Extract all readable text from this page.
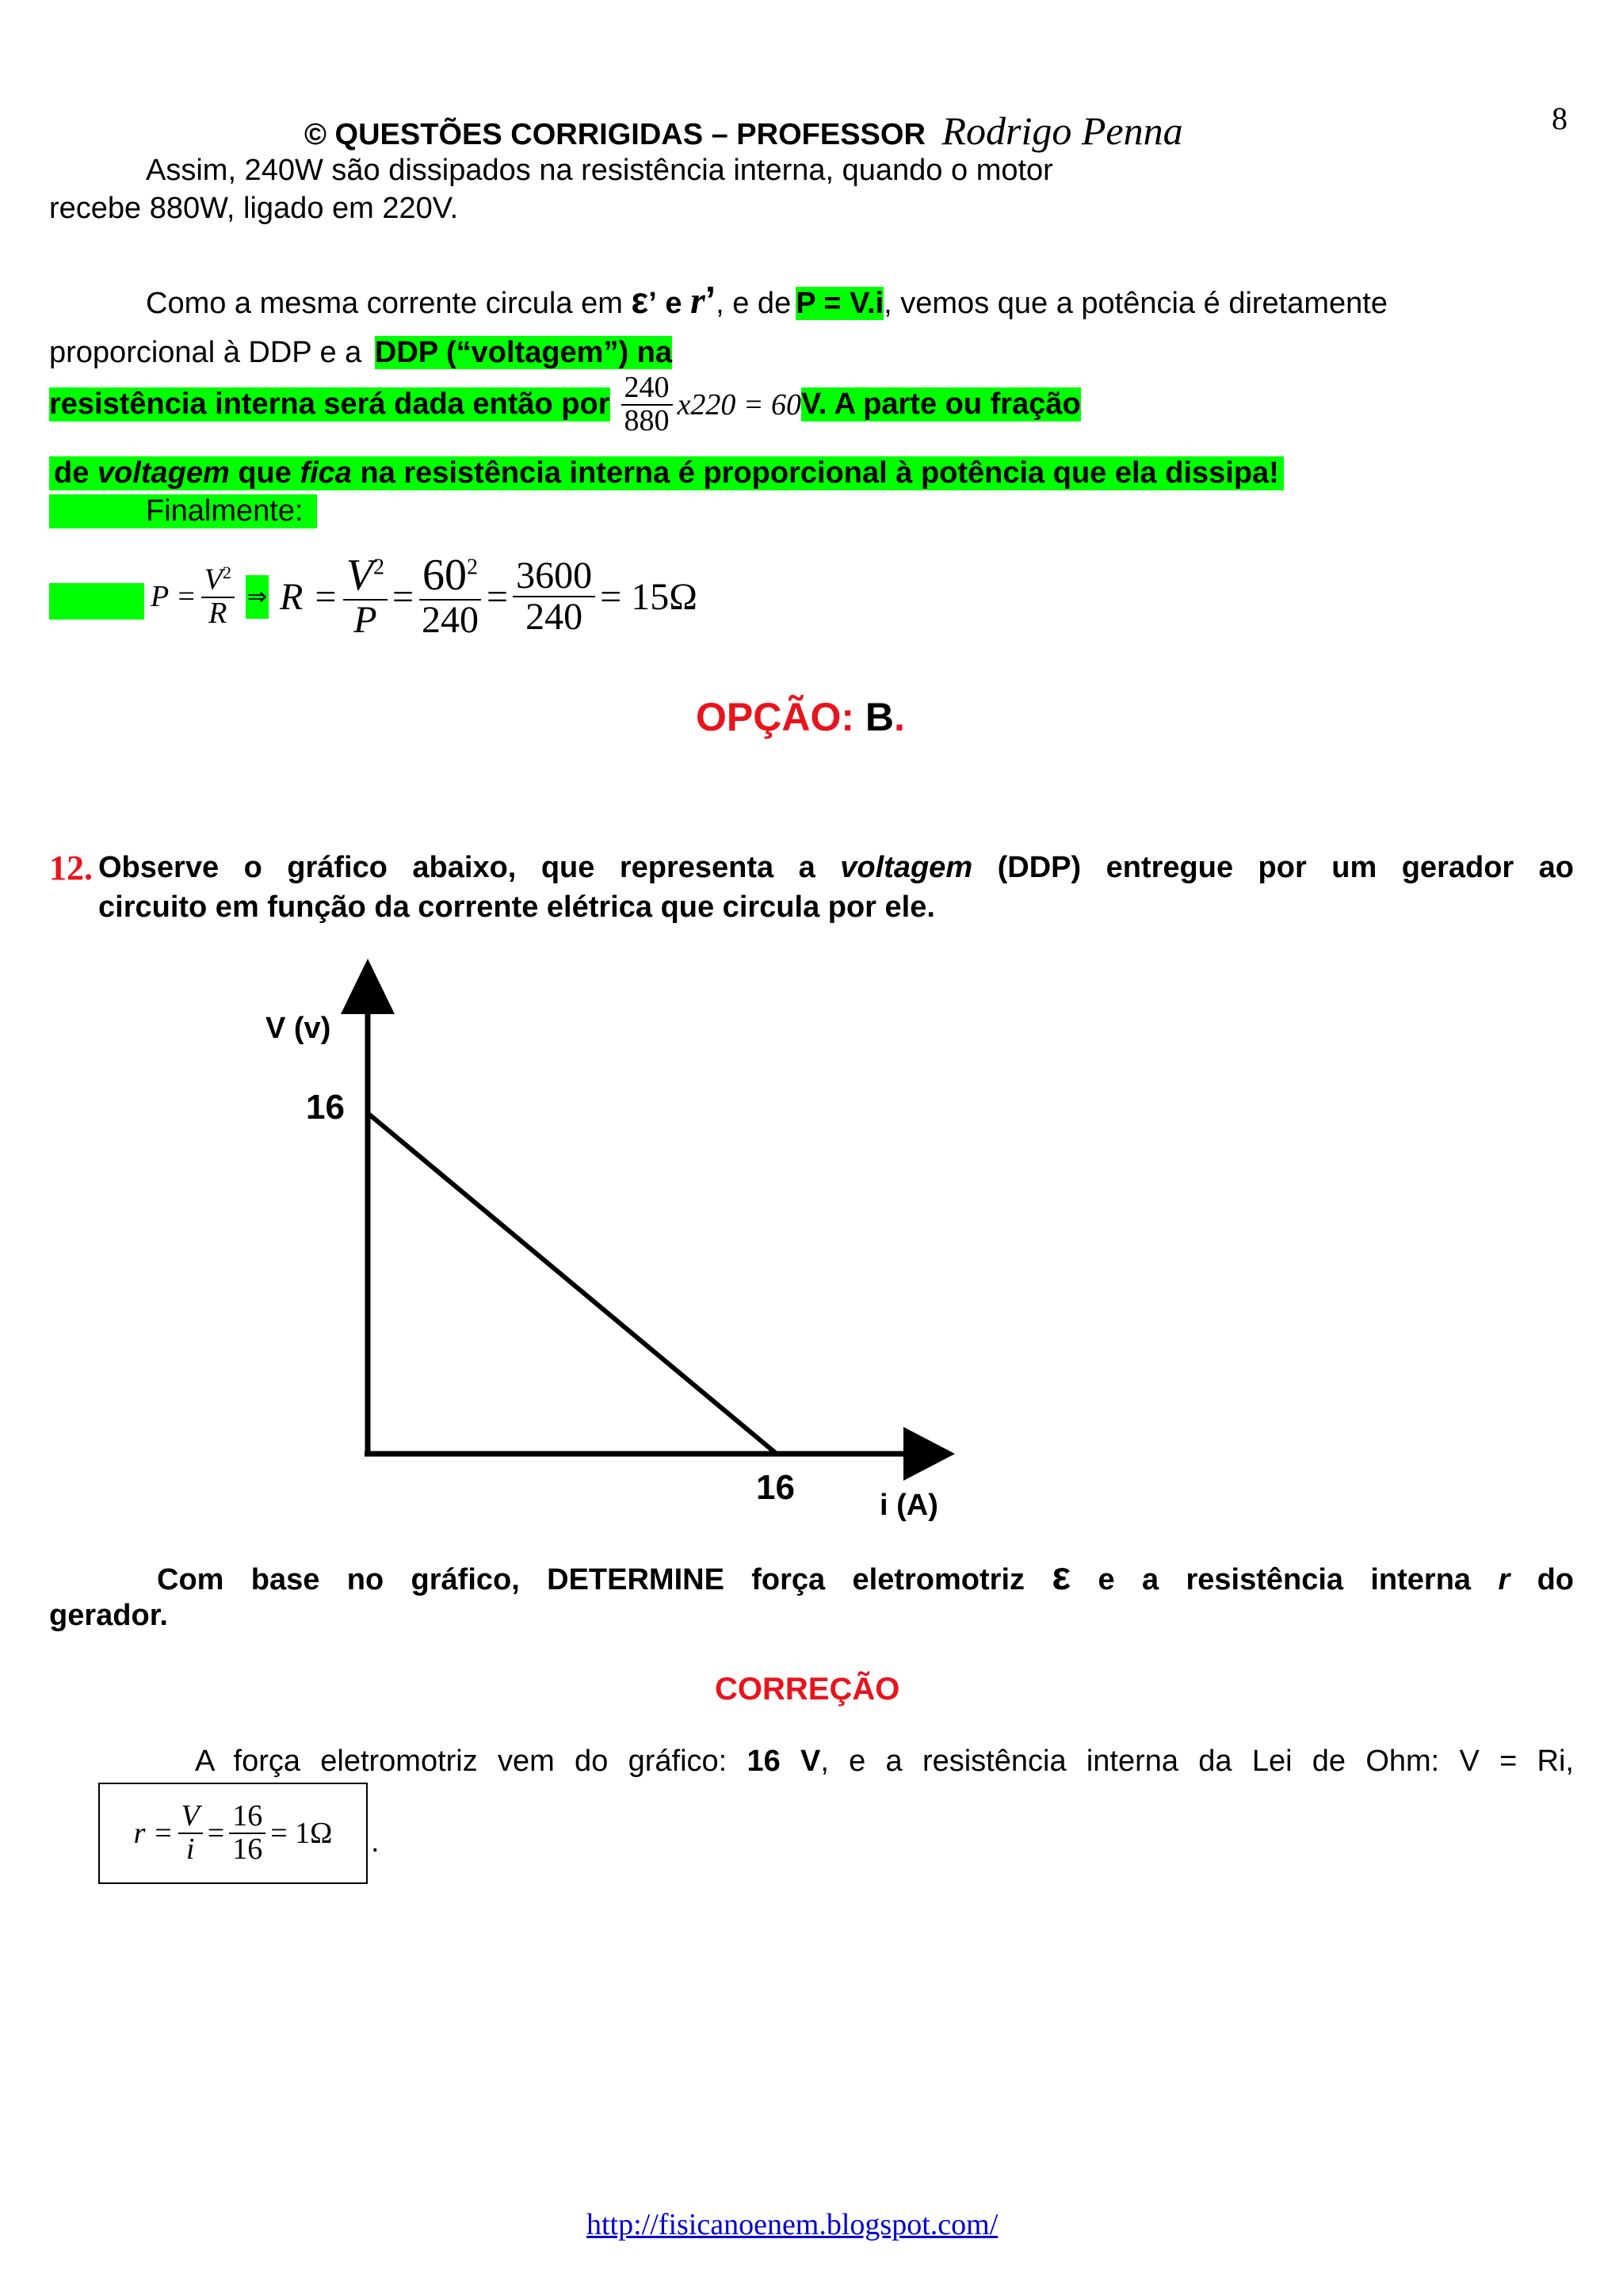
© QUESTÕES CORRIGIDAS – PROFESSOR Rodrigo Penna	8
Assim, 240W são dissipados na resistência interna, quando o motor
recebe 880W, ligado em 220V.
Como a mesma corrente circula em ε’ e r’, e de P = V.i, vemos que a potência é diretamente
proporcional à DDP e a DDP (“voltagem”) na
resistência interna será dada então por $\frac{240}{880} x220 = 60$ V. A parte ou fração
de voltagem que fica na resistência interna é proporcional à potência que ela dissipa!
Finalmente:
$P = \frac{V^2}{R}$ ⇒ $R = \frac{V^2}{P} = \frac{60^2}{240} = \frac{3600}{240} = 15\Omega$
OPÇÃO: B.
12. Observe o gráfico abaixo, que representa a voltagem (DDP) entregue por um gerador ao
circuito em função da corrente elétrica que circula por ele.
V (v)
16
16	i (A)
Com base no gráfico, DETERMINE força eletromotriz ε e a resistência interna r do
gerador.
CORREÇÃO
A força eletromotriz vem do gráfico: 16 V, e a resistência interna da Lei de Ohm: V = Ri,
$r = \frac{V}{i} = \frac{16}{16} = 1\Omega$ .
http://fisicanoenem.blogspot.com/
